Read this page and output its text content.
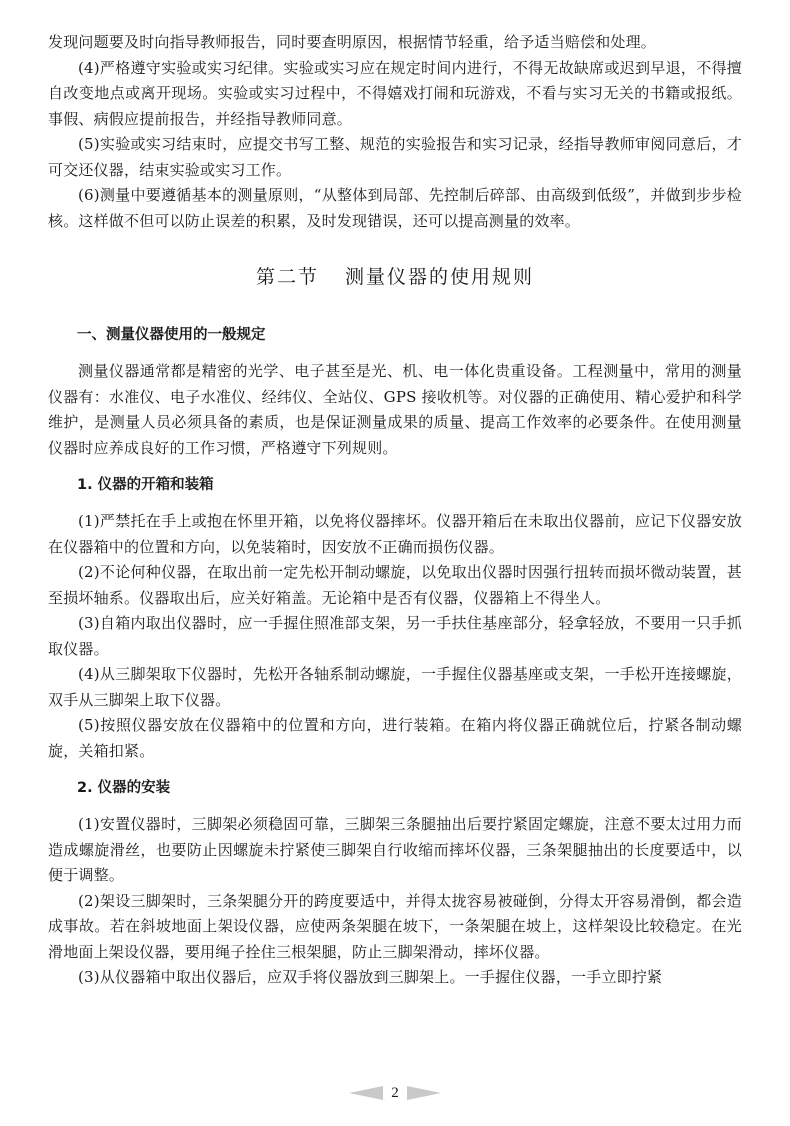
发现问题要及时向指导教师报告，同时要查明原因，根据情节轻重，给予适当赔偿和处理。

(4)严格遵守实验或实习纪律。实验或实习应在规定时间内进行，不得无故缺席或迟到早退，不得擅自改变地点或离开现场。实验或实习过程中，不得嬉戏打闹和玩游戏，不看与实习无关的书籍或报纸。事假、病假应提前报告，并经指导教师同意。

(5)实验或实习结束时，应提交书写工整、规范的实验报告和实习记录，经指导教师审阅同意后，才可交还仪器，结束实验或实习工作。

(6)测量中要遵循基本的测量原则，“从整体到局部、先控制后碎部、由高级到低级”，并做到步步检核。这样做不但可以防止误差的积累，及时发现错误，还可以提高测量的效率。

第二节 测量仪器的使用规则
一、测量仪器使用的一般规定

测量仪器通常都是精密的光学、电子甚至是光、机、电一体化贵重设备。工程测量中，常用的测量仪器有：水准仪、电子水准仪、经纬仪、全站仪、GPS 接收机等。对仪器的正确使用、精心爱护和科学维护，是测量人员必须具备的素质，也是保证测量成果的质量、提高工作效率的必要条件。在使用测量仪器时应养成良好的工作习惯，严格遵守下列规则。

1. 仪器的开箱和装箱

(1)严禁托在手上或抱在怀里开箱，以免将仪器摔坏。仪器开箱后在未取出仪器前，应记下仪器安放在仪器箱中的位置和方向，以免装箱时，因安放不正确而损伤仪器。

(2)不论何种仪器，在取出前一定先松开制动螺旋，以免取出仪器时因强行扭转而损坏微动装置，甚至损坏轴系。仪器取出后，应关好箱盖。无论箱中是否有仪器，仪器箱上不得坐人。

(3)自箱内取出仪器时，应一手握住照准部支架，另一手扶住基座部分，轻拿轻放，不要用一只手抓取仪器。

(4)从三脚架取下仪器时，先松开各轴系制动螺旋，一手握住仪器基座或支架，一手松开连接螺旋，双手从三脚架上取下仪器。

(5)按照仪器安放在仪器箱中的位置和方向，进行装箱。在箱内将仪器正确就位后，拧紧各制动螺旋，关箱扣紧。

2. 仪器的安装

(1)安置仪器时，三脚架必须稳固可靠，三脚架三条腿抽出后要拧紧固定螺旋，注意不要太过用力而造成螺旋滑丝，也要防止因螺旋未拧紧使三脚架自行收缩而摔坏仪器，三条架腿抽出的长度要适中，以便于调整。

(2)架设三脚架时，三条架腿分开的跨度要适中，并得太拢容易被碰倒，分得太开容易滑倒，都会造成事故。若在斜坡地面上架设仪器，应使两条架腿在坡下，一条架腿在坡上，这样架设比较稳定。在光滑地面上架设仪器，要用绳子拴住三根架腿，防止三脚架滑动，摔坏仪器。

(3)从仪器箱中取出仪器后，应双手将仪器放到三脚架上。一手握住仪器，一手立即拧紧

2
